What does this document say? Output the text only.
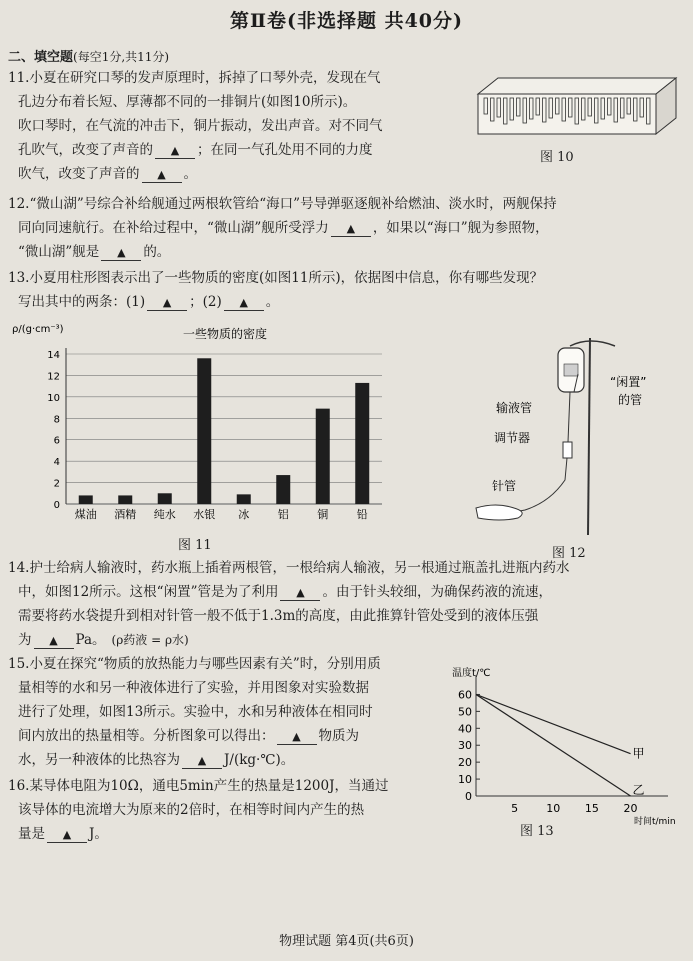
第Ⅱ卷(非选择题 共40分)
二、填空题(每空1分,共11分)
11.小夏在研究口琴的发声原理时，拆掉了口琴外壳，发现在气
孔边分布着长短、厚薄都不同的一排铜片(如图10所示)。
吹口琴时，在气流的冲击下，铜片振动，发出声音。对不同气
孔吹气，改变了声音的 ▲ ；在同一气孔处用不同的力度
吹气，改变了声音的 ▲ 。
图 10
12.“微山湖”号综合补给舰通过两根软管给“海口”号导弹驱逐舰补给燃油、淡水时，两舰保持
同向同速航行。在补给过程中，“微山湖”舰所受浮力 ▲ ，如果以“海口”舰为参照物，
“微山湖”舰是 ▲ 的。
13.小夏用柱形图表示出了一些物质的密度(如图11所示)，依据图中信息，你有哪些发现？
写出其中的两条：(1) ▲ ；(2) ▲ 。
一些物质的密度
ρ/(g·cm⁻³)
0
2
4
6
8
10
12
14
煤油 酒精 纯水 水银 冰	铝	铜	铅
图 11
“闲置”
的管
输液管
调节器
针管
图 12
14.护士给病人输液时，药水瓶上插着两根管，一根给病人输液，另一根通过瓶盖扎进瓶内药水
中，如图12所示。这根“闲置”管是为了利用 ▲ 。由于针头较细，为确保药液的流速，
需要将药水袋提升到相对针管一般不低于1.3m的高度，由此推算针管处受到的液体压强
为 ▲ Pa。 (ρ药液 = ρ水)
15.小夏在探究“物质的放热能力与哪些因素有关”时，分别用质
量相等的水和另一种液体进行了实验，并用图象对实验数据
进行了处理，如图13所示。实验中，水和另种液体在相同时
间内放出的热量相等。分析图象可以得出： ▲ 物质为
水，另一种液体的比热容为 ▲ J/(kg·℃)。
温度t/℃
时间t/min
0
10
20
30
40
50
60
5	10 15 20
甲
乙
图 13
16.某导体电阻为10Ω，通电5min产生的热量是1200J，当通过
该导体的电流增大为原来的2倍时，在相等时间内产生的热
量是 ▲ J。
物理试题 第4页(共6页)
